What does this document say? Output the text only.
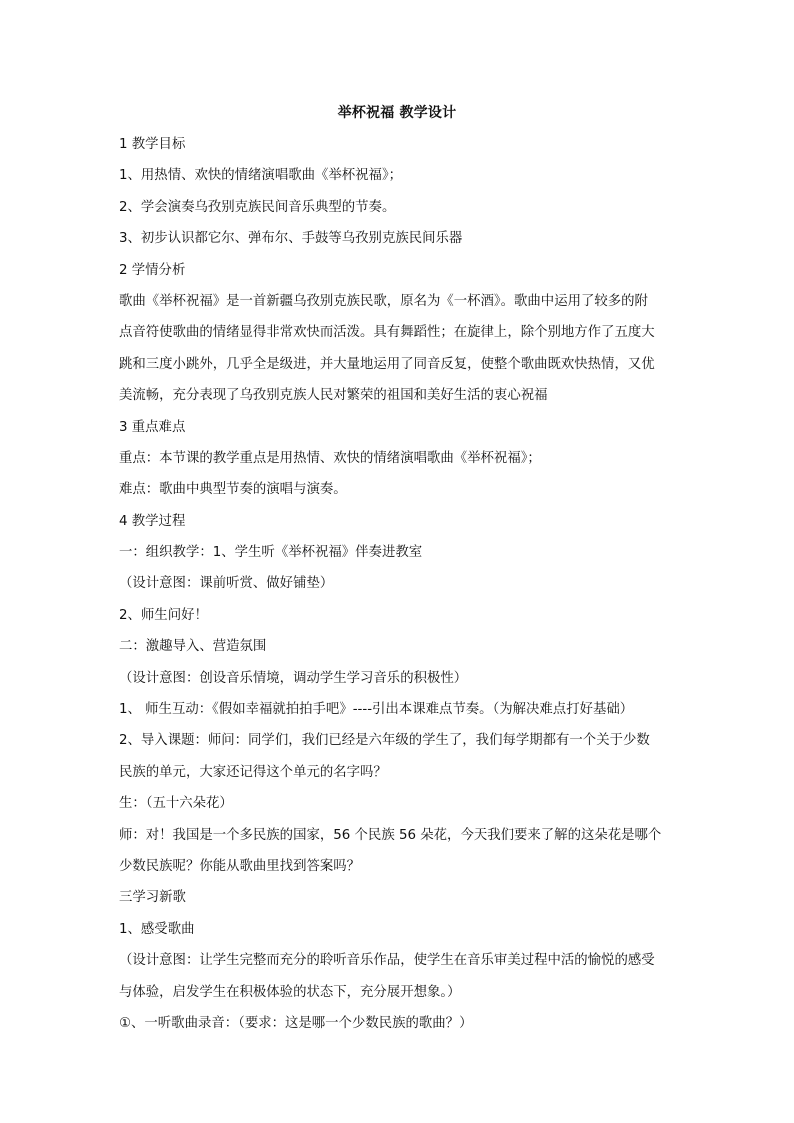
举杯祝福 教学设计
1 教学目标
1、用热情、欢快的情绪演唱歌曲《举杯祝福》；
2、学会演奏乌孜别克族民间音乐典型的节奏。
3、初步认识都它尔、弹布尔、手鼓等乌孜别克族民间乐器
2 学情分析
歌曲《举杯祝福》是一首新疆乌孜别克族民歌，原名为《一杯酒》。歌曲中运用了较多的附
点音符使歌曲的情绪显得非常欢快而活泼。具有舞蹈性；在旋律上，除个别地方作了五度大
跳和三度小跳外，几乎全是级进，并大量地运用了同音反复，使整个歌曲既欢快热情，又优
美流畅，充分表现了乌孜别克族人民对繁荣的祖国和美好生活的衷心祝福
3 重点难点
重点：本节课的教学重点是用热情、欢快的情绪演唱歌曲《举杯祝福》；
难点：歌曲中典型节奏的演唱与演奏。
4 教学过程
一：组织教学：1、学生听《举杯祝福》伴奏进教室
（设计意图：课前听赏、做好铺垫）
2、师生问好！
二：激趣导入、营造氛围
（设计意图：创设音乐情境，调动学生学习音乐的积极性）
1、 师生互动：《假如幸福就拍拍手吧》----引出本课难点节奏。（为解决难点打好基础）
2、导入课题：师问：同学们，我们已经是六年级的学生了，我们每学期都有一个关于少数
民族的单元，大家还记得这个单元的名字吗？
生：（五十六朵花）
师：对！我国是一个多民族的国家，56 个民族 56 朵花，今天我们要来了解的这朵花是哪个
少数民族呢？你能从歌曲里找到答案吗？
三学习新歌
1、感受歌曲
（设计意图：让学生完整而充分的聆听音乐作品，使学生在音乐审美过程中活的愉悦的感受
与体验，启发学生在积极体验的状态下，充分展开想象。）
①、一听歌曲录音：（要求：这是哪一个少数民族的歌曲？）
